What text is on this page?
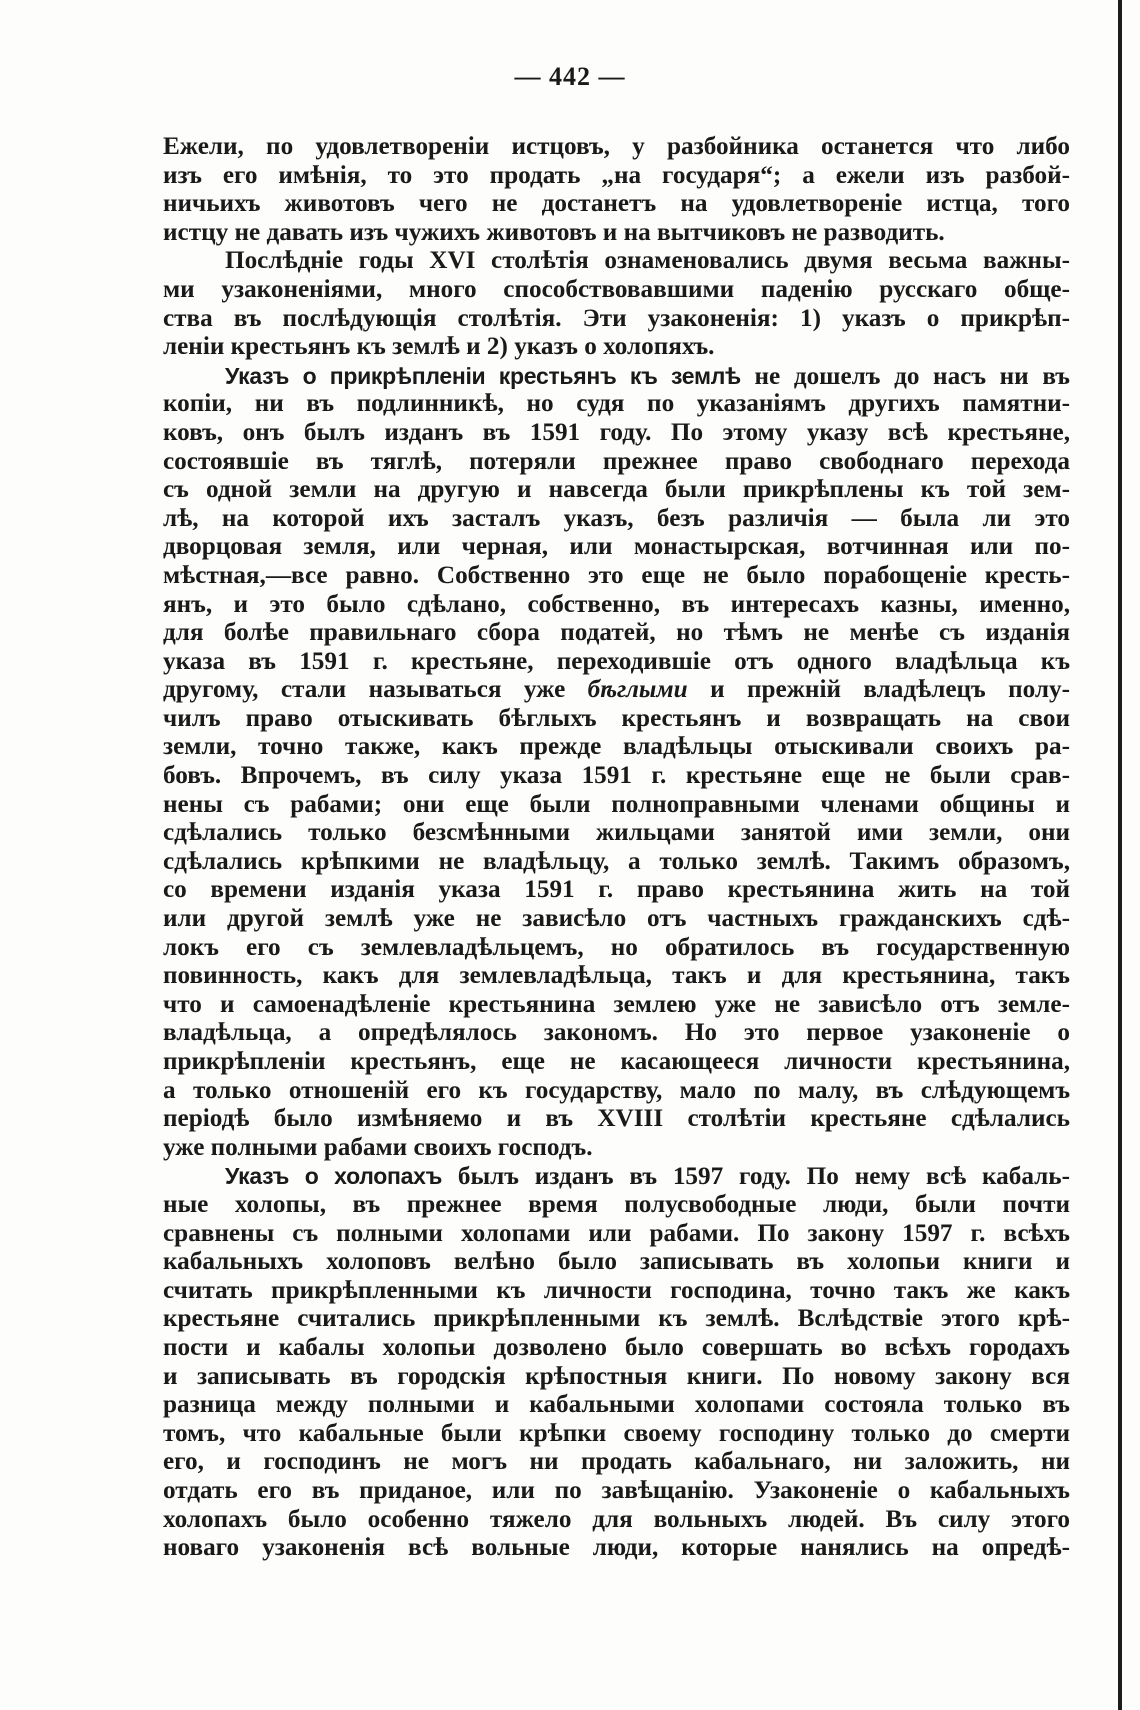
— 442 —
Ежели, по удовлетвореніи истцовъ, у разбойника останется что либо
изъ его имѣнія, то это продать „на государя“; а ежели изъ разбой-
ничьихъ животовъ чего не достанетъ на удовлетвореніе истца, того
истцу не давать изъ чужихъ животовъ и на вытчиковъ не разводить.
Послѣдніе годы XVI столѣтія ознаменовались двумя весьма важны-
ми узаконеніями, много способствовавшими паденію русскаго обще-
ства въ послѣдующія столѣтія. Эти узаконенія: 1) указъ о прикрѣп-
леніи крестьянъ къ землѣ и 2) указъ о холопяхъ.
Указъ о прикрѣпленіи крестьянъ къ землѣ не дошелъ до насъ ни въ
копіи, ни въ подлинникѣ, но судя по указаніямъ другихъ памятни-
ковъ, онъ былъ изданъ въ 1591 году. По этому указу всѣ крестьяне,
состоявшіе въ тяглѣ, потеряли прежнее право свободнаго перехода
съ одной земли на другую и навсегда были прикрѣплены къ той зем-
лѣ, на которой ихъ засталъ указъ, безъ различія — была ли это
дворцовая земля, или черная, или монастырская, вотчинная или по-
мѣстная,—все равно. Собственно это еще не было порабощеніе кресть-
янъ, и это было сдѣлано, собственно, въ интересахъ казны, именно,
для болѣе правильнаго сбора податей, но тѣмъ не менѣе съ изданія
указа въ 1591 г. крестьяне, переходившіе отъ одного владѣльца къ
другому, стали называться уже бѣглыми и прежній владѣлецъ полу-
чилъ право отыскивать бѣглыхъ крестьянъ и возвращать на свои
земли, точно также, какъ прежде владѣльцы отыскивали своихъ ра-
бовъ. Впрочемъ, въ силу указа 1591 г. крестьяне еще не были срав-
нены съ рабами; они еще были полноправными членами общины и
сдѣлались только безсмѣнными жильцами занятой ими земли, они
сдѣлались крѣпкими не владѣльцу, а только землѣ. Такимъ образомъ,
со времени изданія указа 1591 г. право крестьянина жить на той
или другой землѣ уже не зависѣло отъ частныхъ гражданскихъ сдѣ-
локъ его съ землевладѣльцемъ, но обратилось въ государственную
повинность, какъ для землевладѣльца, такъ и для крестьянина, такъ
что и самоенадѣленіе крестьянина землею уже не зависѣло отъ земле-
владѣльца, а опредѣлялось закономъ. Но это первое узаконеніе о
прикрѣпленіи крестьянъ, еще не касающееся личности крестьянина,
а только отношеній его къ государству, мало по малу, въ слѣдующемъ
періодѣ было измѣняемо и въ XVIII столѣтіи крестьяне сдѣлались
уже полными рабами своихъ господъ.
Указъ о холопахъ былъ изданъ въ 1597 году. По нему всѣ кабаль-
ные холопы, въ прежнее время полусвободные люди, были почти
сравнены съ полными холопами или рабами. По закону 1597 г. всѣхъ
кабальныхъ холоповъ велѣно было записывать въ холопьи книги и
считать прикрѣпленными къ личности господина, точно такъ же какъ
крестьяне считались прикрѣпленными къ землѣ. Вслѣдствіе этого крѣ-
пости и кабалы холопьи дозволено было совершать во всѣхъ городахъ
и записывать въ городскія крѣпостныя книги. По новому закону вся
разница между полными и кабальными холопами состояла только въ
томъ, что кабальные были крѣпки своему господину только до смерти
его, и господинъ не могъ ни продать кабальнаго, ни заложить, ни
отдать его въ приданое, или по завѣщанію. Узаконеніе о кабальныхъ
холопахъ было особенно тяжело для вольныхъ людей. Въ силу этого
новаго узаконенія всѣ вольные люди, которые нанялись на опредѣ-
